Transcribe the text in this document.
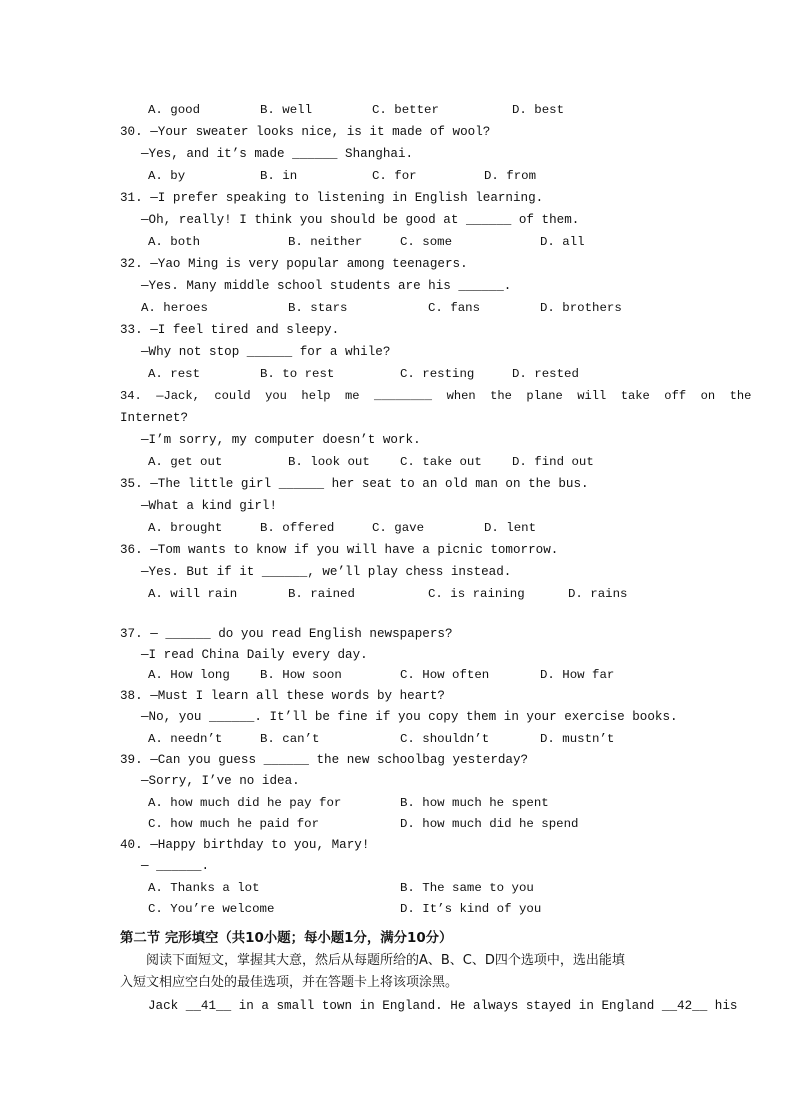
A. good	B. well	C. better	D. best
30. —Your sweater looks nice, is it made of wool?
—Yes, and it’s made ______ Shanghai.
A. by	B. in	C. for	D. from
31. —I prefer speaking to listening in English learning.
—Oh, really! I think you should be good at ______ of them.
A. both	B. neither	C. some	D. all
32. —Yao Ming is very popular among teenagers.
—Yes. Many middle school students are his ______.
A. heroes	B. stars	C. fans	D. brothers
33. —I feel tired and sleepy.
—Why not stop ______ for a while?
A. rest	B. to rest	C. resting	D. rested
34.  —Jack,  could  you  help  me  ________  when  the  plane  will  take  off  on  the
Internet?
—I’m sorry, my computer doesn’t work.
A. get out	B. look out C. take out D. find out
35. —The little girl ______ her seat to an old man on the bus.
—What a kind girl!
A. brought	B. offered	C. gave	D. lent
36. —Tom wants to know if you will have a picnic tomorrow.
—Yes. But if it ______, we’ll play chess instead.
A. will rain	B. rained	C. is raining	D. rains
37. — ______ do you read English newspapers?
—I read China Daily every day.
A. How long B. How soon	C. How often	D. How far
38. —Must I learn all these words by heart?
—No, you ______. It’ll be fine if you copy them in your exercise books.
A. needn’t	B. can’t	C. shouldn’t	D. mustn’t
39. —Can you guess ______ the new schoolbag yesterday?
—Sorry, I’ve no idea.
A. how much did he pay for	B. how much he spent
C. how much he paid for	D. how much did he spend
40. —Happy birthday to you, Mary!
— ______.
A. Thanks a lot	B. The same to you
C. You’re welcome	D. It’s kind of you
第二节 完形填空（共10小题；每小题1分，满分10分）
阅读下面短文，掌握其大意，然后从每题所给的A、B、C、D四个选项中，选出能填
入短文相应空白处的最佳选项，并在答题卡上将该项涂黑。
Jack __41__ in a small town in England. He always stayed in England __42__ his
